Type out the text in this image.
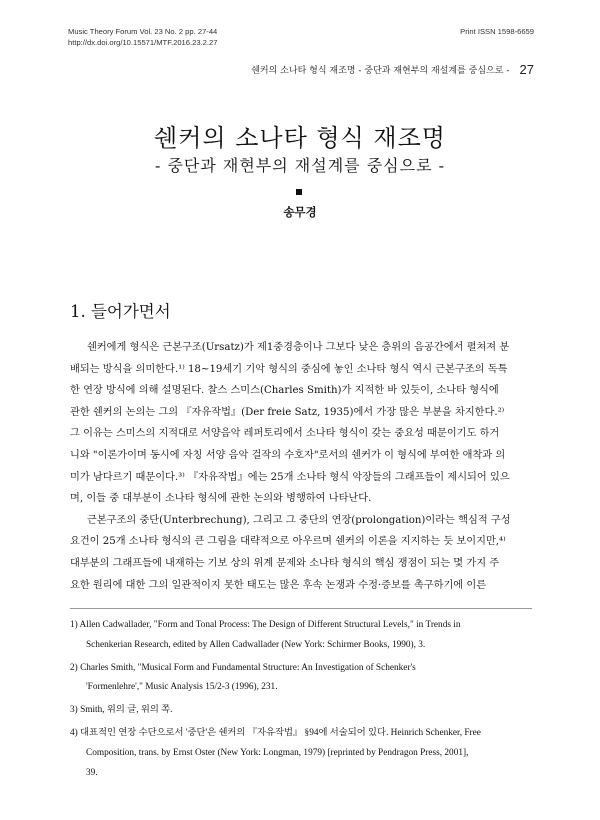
Music Theory Forum Vol. 23 No. 2 pp. 27-44
http://dx.doi.org/10.15571/MTF.2016.23.2.27
Print ISSN 1598-6659
쉔커의 소나타 형식 재조명 - 중단과 재현부의 재설계를 중심으로 - 27
쉔커의 소나타 형식 재조명
- 중단과 재현부의 재설계를 중심으로 -
송무경
1. 들어가면서
쉔커에게 형식은 근본구조(Ursatz)가 제1중경층이나 그보다 낮은 층위의 음공간에서 펼쳐져 분
배되는 방식을 의미한다.¹⁾ 18~19세기 기악 형식의 중심에 놓인 소나타 형식 역시 근본구조의 독특
한 연장 방식에 의해 설명된다. 찰스 스미스(Charles Smith)가 지적한 바 있듯이, 소나타 형식에
관한 쉔커의 논의는 그의 『자유작법』(Der freie Satz, 1935)에서 가장 많은 부분을 차지한다.²⁾
그 이유는 스미스의 지적대로 서양음악 레퍼토리에서 소나타 형식이 갖는 중요성 때문이기도 하거
니와 "이론가이며 동시에 자칭 서양 음악 걸작의 수호자"로서의 쉔커가 이 형식에 부여한 애착과 의
미가 남다르기 때문이다.³⁾ 『자유작법』에는 25개 소나타 형식 악장들의 그래프들이 제시되어 있으
며, 이들 중 대부분이 소나타 형식에 관한 논의와 병행하여 나타난다.
근본구조의 중단(Unterbrechung), 그리고 그 중단의 연장(prolongation)이라는 핵심적 구성
요건이 25개 소나타 형식의 큰 그림을 대략적으로 아우르며 쉔커의 이론을 지지하는 듯 보이지만,⁴⁾
대부분의 그래프들에 내재하는 기보 상의 위계 문제와 소나타 형식의 핵심 쟁점이 되는 몇 가지 주
요한 원리에 대한 그의 일관적이지 못한 태도는 많은 후속 논쟁과 수정·증보를 촉구하기에 이른
1) Allen Cadwallader, "Form and Tonal Process: The Design of Different Structural Levels," in Trends in
Schenkerian Research, edited by Allen Cadwallader (New York: Schirmer Books, 1990), 3.
2) Charles Smith, "Musical Form and Fundamental Structure: An Investigation of Schenker's
'Formenlehre'," Music Analysis 15/2-3 (1996), 231.
3) Smith, 위의 글, 위의 쪽.
4) 대표적인 연장 수단으로서 '중단'은 쉔커의 『자유작법』 §94에 서술되어 있다. Heinrich Schenker, Free
Composition, trans. by Ernst Oster (New York: Longman, 1979) [reprinted by Pendragon Press, 2001],
39.
